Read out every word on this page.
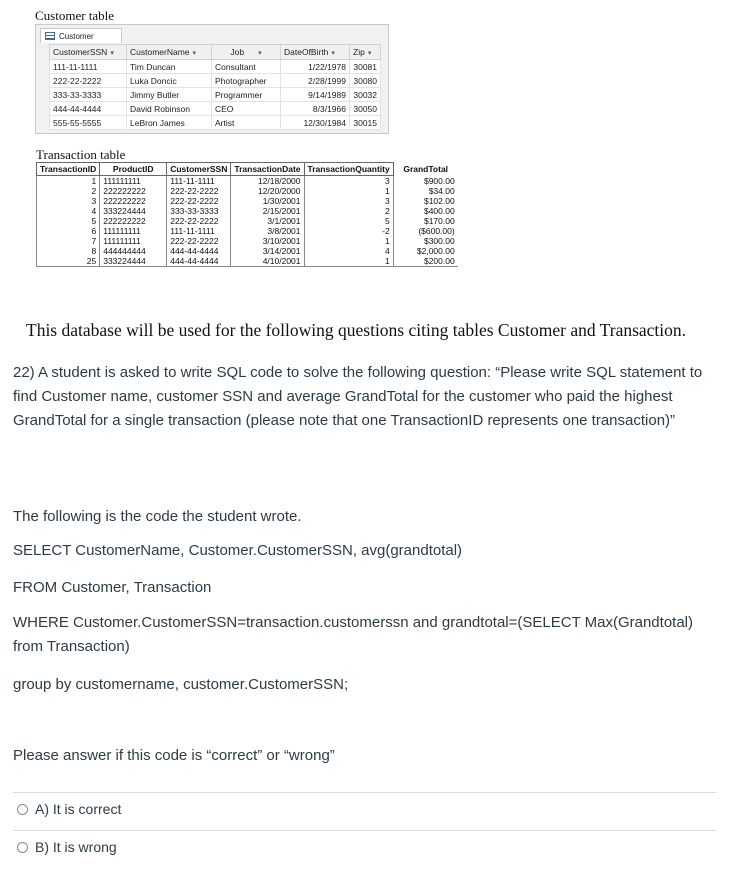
Customer table
Customer
CustomerSSN ▾	CustomerName ▾	Job ▾	DateOfBirth ▾	Zip ▾
111-11-1111	Tim Duncan	Consultant	1/22/1978	30081
222-22-2222	Luka Doncic	Photographer	2/28/1999	30080
333-33-3333	Jimmy Butler	Programmer	9/14/1989	30032
444-44-4444	David Robinson	CEO	8/3/1966	30050
555-55-5555	LeBron James	Artist	12/30/1984	30015
Transaction table
TransactionID	ProductID	CustomerSSN	TransactionDate	TransactionQuantity	GrandTotal
1	111111111	111-11-1111	12/18/2000	3	$900.00
2	222222222	222-22-2222	12/20/2000	1	$34.00
3	222222222	222-22-2222	1/30/2001	3	$102.00
4	333224444	333-33-3333	2/15/2001	2	$400.00
5	222222222	222-22-2222	3/1/2001	5	$170.00
6	111111111	111-11-1111	3/8/2001	-2	($600.00)
7	111111111	222-22-2222	3/10/2001	1	$300.00
8	444444444	444-44-4444	3/14/2001	4	$2,000.00
25	333224444	444-44-4444	4/10/2001	1	$200.00
This database will be used for the following questions citing tables Customer and Transaction.
22) A student is asked to write SQL code to solve the following question: “Please write SQL statement to find Customer name, customer SSN and average GrandTotal for the customer who paid the highest GrandTotal for a single transaction (please note that one TransactionID represents one transaction)”
The following is the code the student wrote.
SELECT CustomerName, Customer.CustomerSSN, avg(grandtotal)
FROM Customer, Transaction
WHERE Customer.CustomerSSN=transaction.customerssn and grandtotal=(SELECT Max(Grandtotal) from Transaction)
group by customername, customer.CustomerSSN;
Please answer if this code is “correct” or “wrong”
A) It is correct
B) It is wrong
